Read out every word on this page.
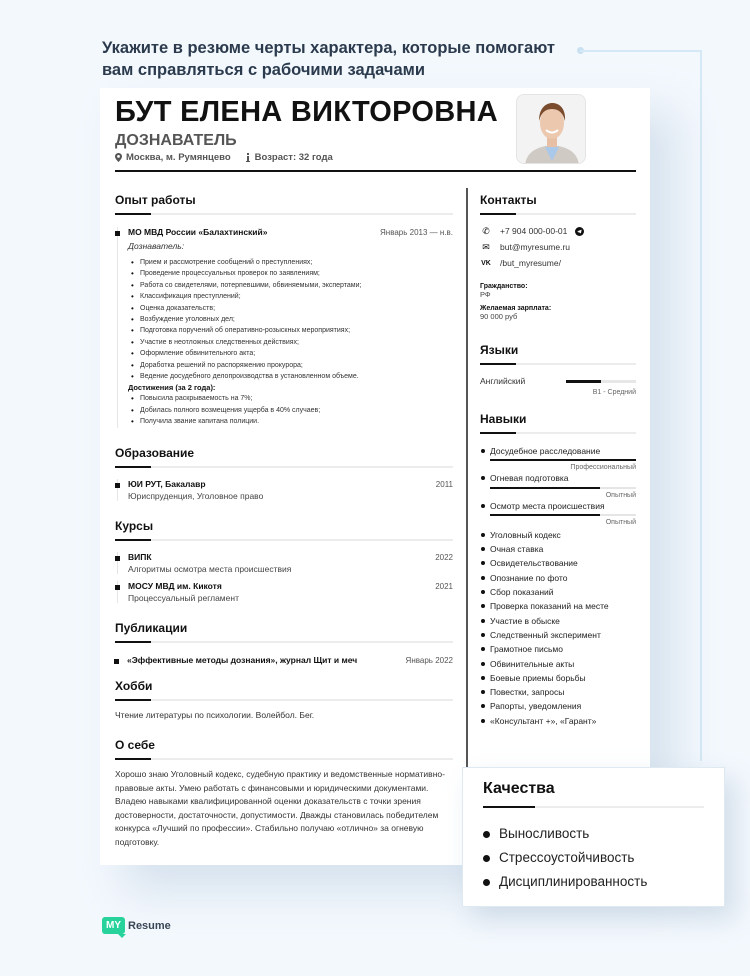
Укажите в резюме черты характера, которые помогают вам справляться с рабочими задачами
БУТ ЕЛЕНА ВИКТОРОВНА
ДОЗНАВАТЕЛЬ
Москва, м. Румянцево	Возраст: 32 года
Опыт работы
МО МВД России «Балахтинский»	Январь 2013 — н.в.
Дознаватель:
• Прием и рассмотрение сообщений о преступлениях;
• Проведение процессуальных проверок по заявлениям;
• Работа со свидетелями, потерпевшими, обвиняемыми, экспертами;
• Классификация преступлений;
• Оценка доказательств;
• Возбуждение уголовных дел;
• Подготовка поручений об оперативно-розыскных мероприятиях;
• Участие в неотложных следственных действиях;
• Оформление обвинительного акта;
• Доработка решений по распоряжению прокурора;
• Ведение досудебного делопроизводства в установленном объеме.
Достижения (за 2 года):
• Повысила раскрываемость на 7%;
• Добилась полного возмещения ущерба в 40% случаев;
• Получила звание капитана полиции.
Образование
ЮИ РУТ, Бакалавр	2011
Юриспруденция, Уголовное право
Курсы
ВИПК	2022
Алгоритмы осмотра места происшествия
МОСУ МВД им. Кикотя	2021
Процессуальный регламент
Публикации
«Эффективные методы дознания», журнал Щит и меч	Январь 2022
Хобби
Чтение литературы по психологии. Волейбол. Бег.
О себе
Хорошо знаю Уголовный кодекс, судебную практику и ведомственные нормативно-правовые акты. Умею работать с финансовыми и юридическими документами. Владею навыками квалифицированной оценки доказательств с точки зрения достоверности, достаточности, допустимости. Дважды становилась победителем конкурса «Лучший по профессии». Стабильно получаю «отлично» за огневую подготовку.
Контакты
✆ +7 904 000-00-01
✉ but@myresume.ru
VK /but_myresume/
Гражданство:
РФ
Желаемая зарплата:
90 000 руб
Языки
Английский
B1 - Средний
Навыки
Досудебное расследование
Профессиональный
Огневая подготовка
Опытный
Осмотр места происшествия
Опытный
Уголовный кодекс
Очная ставка
Освидетельствование
Опознание по фото
Сбор показаний
Проверка показаний на месте
Участие в обыске
Следственный эксперимент
Грамотное письмо
Обвинительные акты
Боевые приемы борьбы
Повестки, запросы
Рапорты, уведомления
«Консультант +», «Гарант»
Качества
Выносливость
Стрессоустойчивость
Дисциплинированность
MY Resume
